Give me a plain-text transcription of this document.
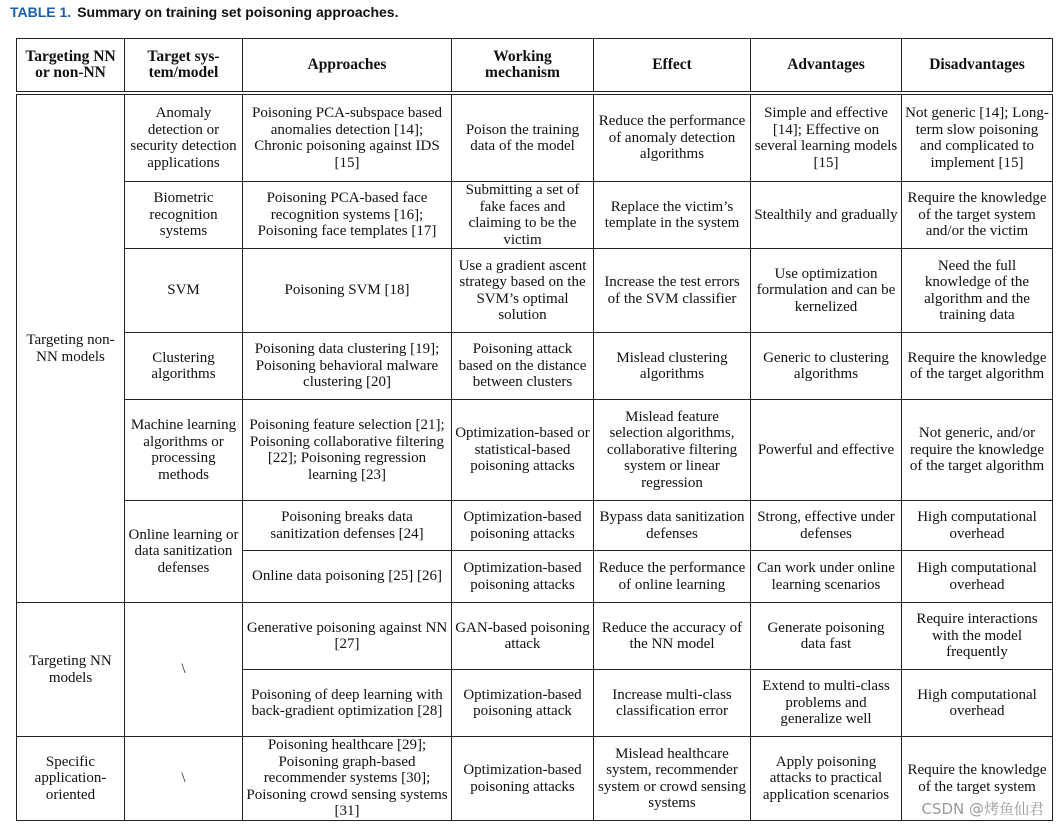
TABLE 1. Summary on training set poisoning approaches.
Targeting NN or non-NN	Target sys-tem/model	Approaches	Working mechanism	Effect	Advantages	Disadvantages

Targeting non-NN models	Anomaly detection or security detection applications	Poisoning PCA-subspace based anomalies detection [14]; Chronic poisoning against IDS [15]	Poison the training data of the model	Reduce the performance of anomaly detection algorithms	Simple and effective [14]; Effective on several learning models [15]	Not generic [14]; Long-term slow poisoning and complicated to implement [15]
	Biometric recognition systems	Poisoning PCA-based face recognition systems [16]; Poisoning face templates [17]	Submitting a set of fake faces and claiming to be the victim	Replace the victim’s template in the system	Stealthily and gradually	Require the knowledge of the target system and/or the victim
	SVM	Poisoning SVM [18]	Use a gradient ascent strategy based on the SVM’s optimal solution	Increase the test errors of the SVM classifier	Use optimization formulation and can be kernelized	Need the full knowledge of the algorithm and the training data
	Clustering algorithms	Poisoning data clustering [19]; Poisoning behavioral malware clustering [20]	Poisoning attack based on the distance between clusters	Mislead clustering algorithms	Generic to clustering algorithms	Require the knowledge of the target algorithm
	Machine learning algorithms or processing methods	Poisoning feature selection [21]; Poisoning collaborative filtering [22]; Poisoning regression learning [23]	Optimization-based or statistical-based poisoning attacks	Mislead feature selection algorithms, collaborative filtering system or linear regression	Powerful and effective	Not generic, and/or require the knowledge of the target algorithm
	Online learning or data sanitization defenses	Poisoning breaks data sanitization defenses [24]	Optimization-based poisoning attacks	Bypass data sanitization defenses	Strong, effective under defenses	High computational overhead
		Online data poisoning [25] [26]	Optimization-based poisoning attacks	Reduce the performance of online learning	Can work under online learning scenarios	High computational overhead
Targeting NN models	\	Generative poisoning against NN [27]	GAN-based poisoning attack	Reduce the accuracy of the NN model	Generate poisoning data fast	Require interactions with the model frequently
		Poisoning of deep learning with back-gradient optimization [28]	Optimization-based poisoning attack	Increase multi-class classification error	Extend to multi-class problems and generalize well	High computational overhead
Specific application-oriented	\	Poisoning healthcare [29]; Poisoning graph-based recommender systems [30]; Poisoning crowd sensing systems [31]	Optimization-based poisoning attacks	Mislead healthcare system, recommender system or crowd sensing systems	Apply poisoning attacks to practical application scenarios	Require the knowledge of the target system
CSDN @烤鱼仙君
